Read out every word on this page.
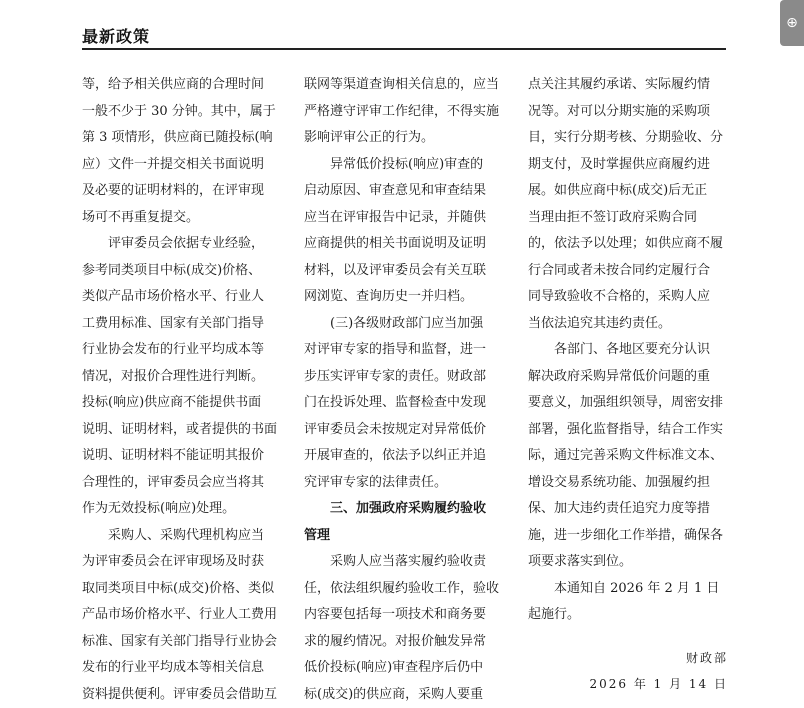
最新政策
等，给予相关供应商的合理时间
一般不少于 30 分钟。其中，属于
第 3 项情形，供应商已随投标(响
应）文件一并提交相关书面说明
及必要的证明材料的，在评审现
场可不再重复提交。
评审委员会依据专业经验，
参考同类项目中标(成交)价格、
类似产品市场价格水平、行业人
工费用标准、国家有关部门指导
行业协会发布的行业平均成本等
情况，对报价合理性进行判断。
投标(响应)供应商不能提供书面
说明、证明材料，或者提供的书面
说明、证明材料不能证明其报价
合理性的，评审委员会应当将其
作为无效投标(响应)处理。
采购人、采购代理机构应当
为评审委员会在评审现场及时获
取同类项目中标(成交)价格、类似
产品市场价格水平、行业人工费用
标准、国家有关部门指导行业协会
发布的行业平均成本等相关信息
资料提供便利。评审委员会借助互
联网等渠道查询相关信息的，应当
严格遵守评审工作纪律，不得实施
影响评审公正的行为。
异常低价投标(响应)审查的
启动原因、审查意见和审查结果
应当在评审报告中记录，并随供
应商提供的相关书面说明及证明
材料，以及评审委员会有关互联
网浏览、查询历史一并归档。
(三)各级财政部门应当加强
对评审专家的指导和监督，进一
步压实评审专家的责任。财政部
门在投诉处理、监督检查中发现
评审委员会未按规定对异常低价
开展审查的，依法予以纠正并追
究评审专家的法律责任。
三、加强政府采购履约验收
管理
采购人应当落实履约验收责
任，依法组织履约验收工作，验收
内容要包括每一项技术和商务要
求的履约情况。对报价触发异常
低价投标(响应)审查程序后仍中
标(成交)的供应商，采购人要重
点关注其履约承诺、实际履约情
况等。对可以分期实施的采购项
目，实行分期考核、分期验收、分
期支付，及时掌握供应商履约进
展。如供应商中标(成交)后无正
当理由拒不签订政府采购合同
的，依法予以处理；如供应商不履
行合同或者未按合同约定履行合
同导致验收不合格的，采购人应
当依法追究其违约责任。
各部门、各地区要充分认识
解决政府采购异常低价问题的重
要意义，加强组织领导，周密安排
部署，强化监督指导，结合工作实
际，通过完善采购文件标准文本、
增设交易系统功能、加强履约担
保、加大违约责任追究力度等措
施，进一步细化工作举措，确保各
项要求落实到位。
本通知自 2026 年 2 月 1 日
起施行。
财政部
2026 年 1 月 14 日
⊕
